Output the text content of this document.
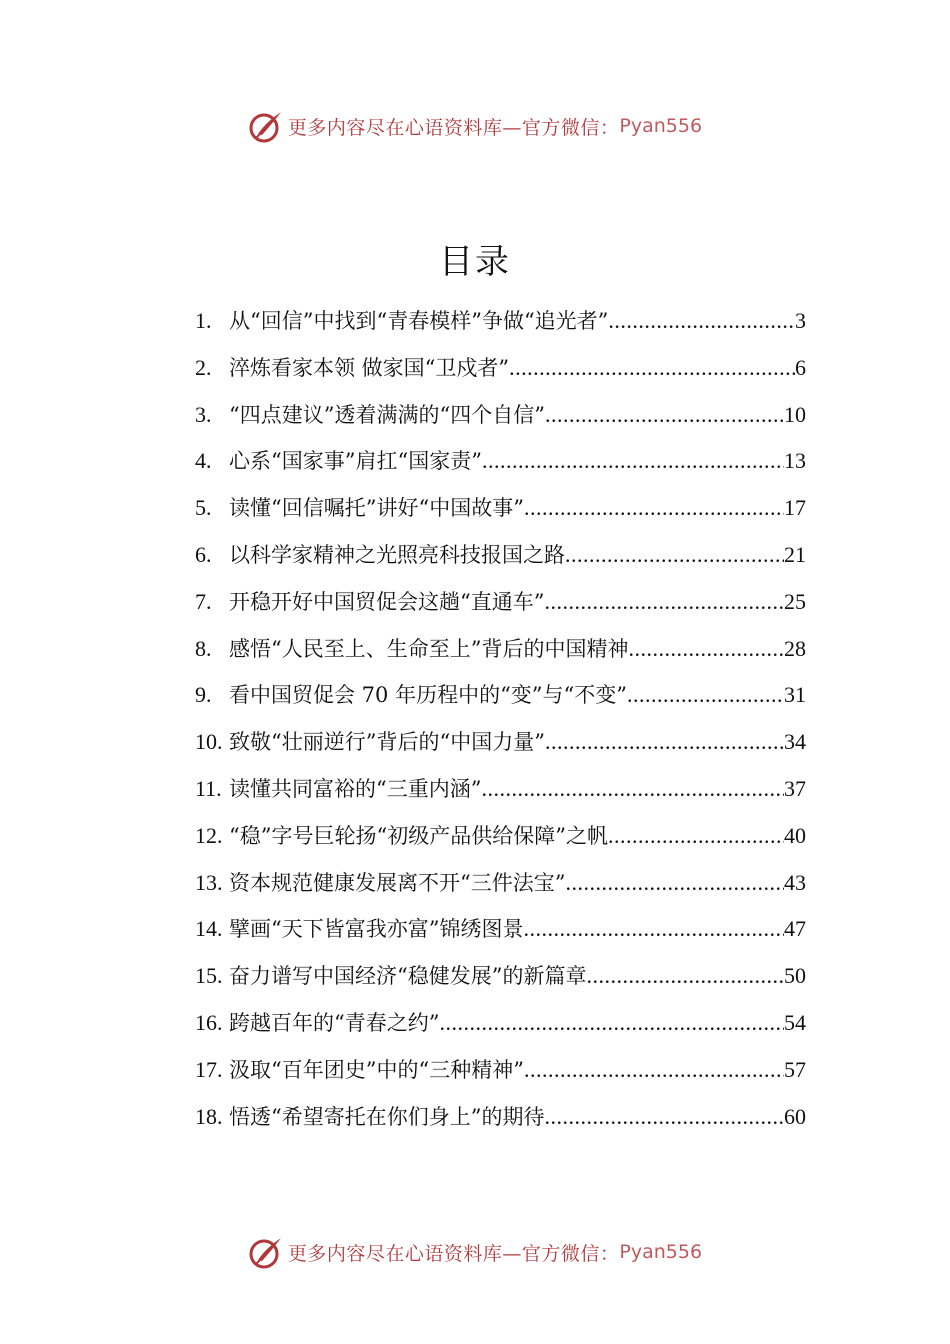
更多内容尽在心语资料库—官方微信： Pyan556
目录
1. 从“回信”中找到“青春模样”争做“追光者” .....	3
2. 淬炼看家本领 做家国“卫戍者” .....	6
3. “四点建议”透着满满的“四个自信” .....	10
4. 心系“国家事”肩扛“国家责” .....	13
5. 读懂“回信嘱托”讲好“中国故事” .....	17
6. 以科学家精神之光照亮科技报国之路 .....	21
7. 开稳开好中国贸促会这趟“直通车” .....	25
8. 感悟“人民至上、生命至上”背后的中国精神 .....	28
9. 看中国贸促会 70 年历程中的“变”与“不变” .....	31
10. 致敬“壮丽逆行”背后的“中国力量” .....	34
11. 读懂共同富裕的“三重内涵” .....	37
12. “稳”字号巨轮扬“初级产品供给保障”之帆 .....	40
13. 资本规范健康发展离不开“三件法宝” .....	43
14. 擘画“天下皆富我亦富”锦绣图景 .....	47
15. 奋力谱写中国经济“稳健发展”的新篇章 .....	50
16. 跨越百年的“青春之约” .....	54
17. 汲取“百年团史”中的“三种精神” .....	57
18. 悟透“希望寄托在你们身上”的期待 .....	60
更多内容尽在心语资料库—官方微信： Pyan556
